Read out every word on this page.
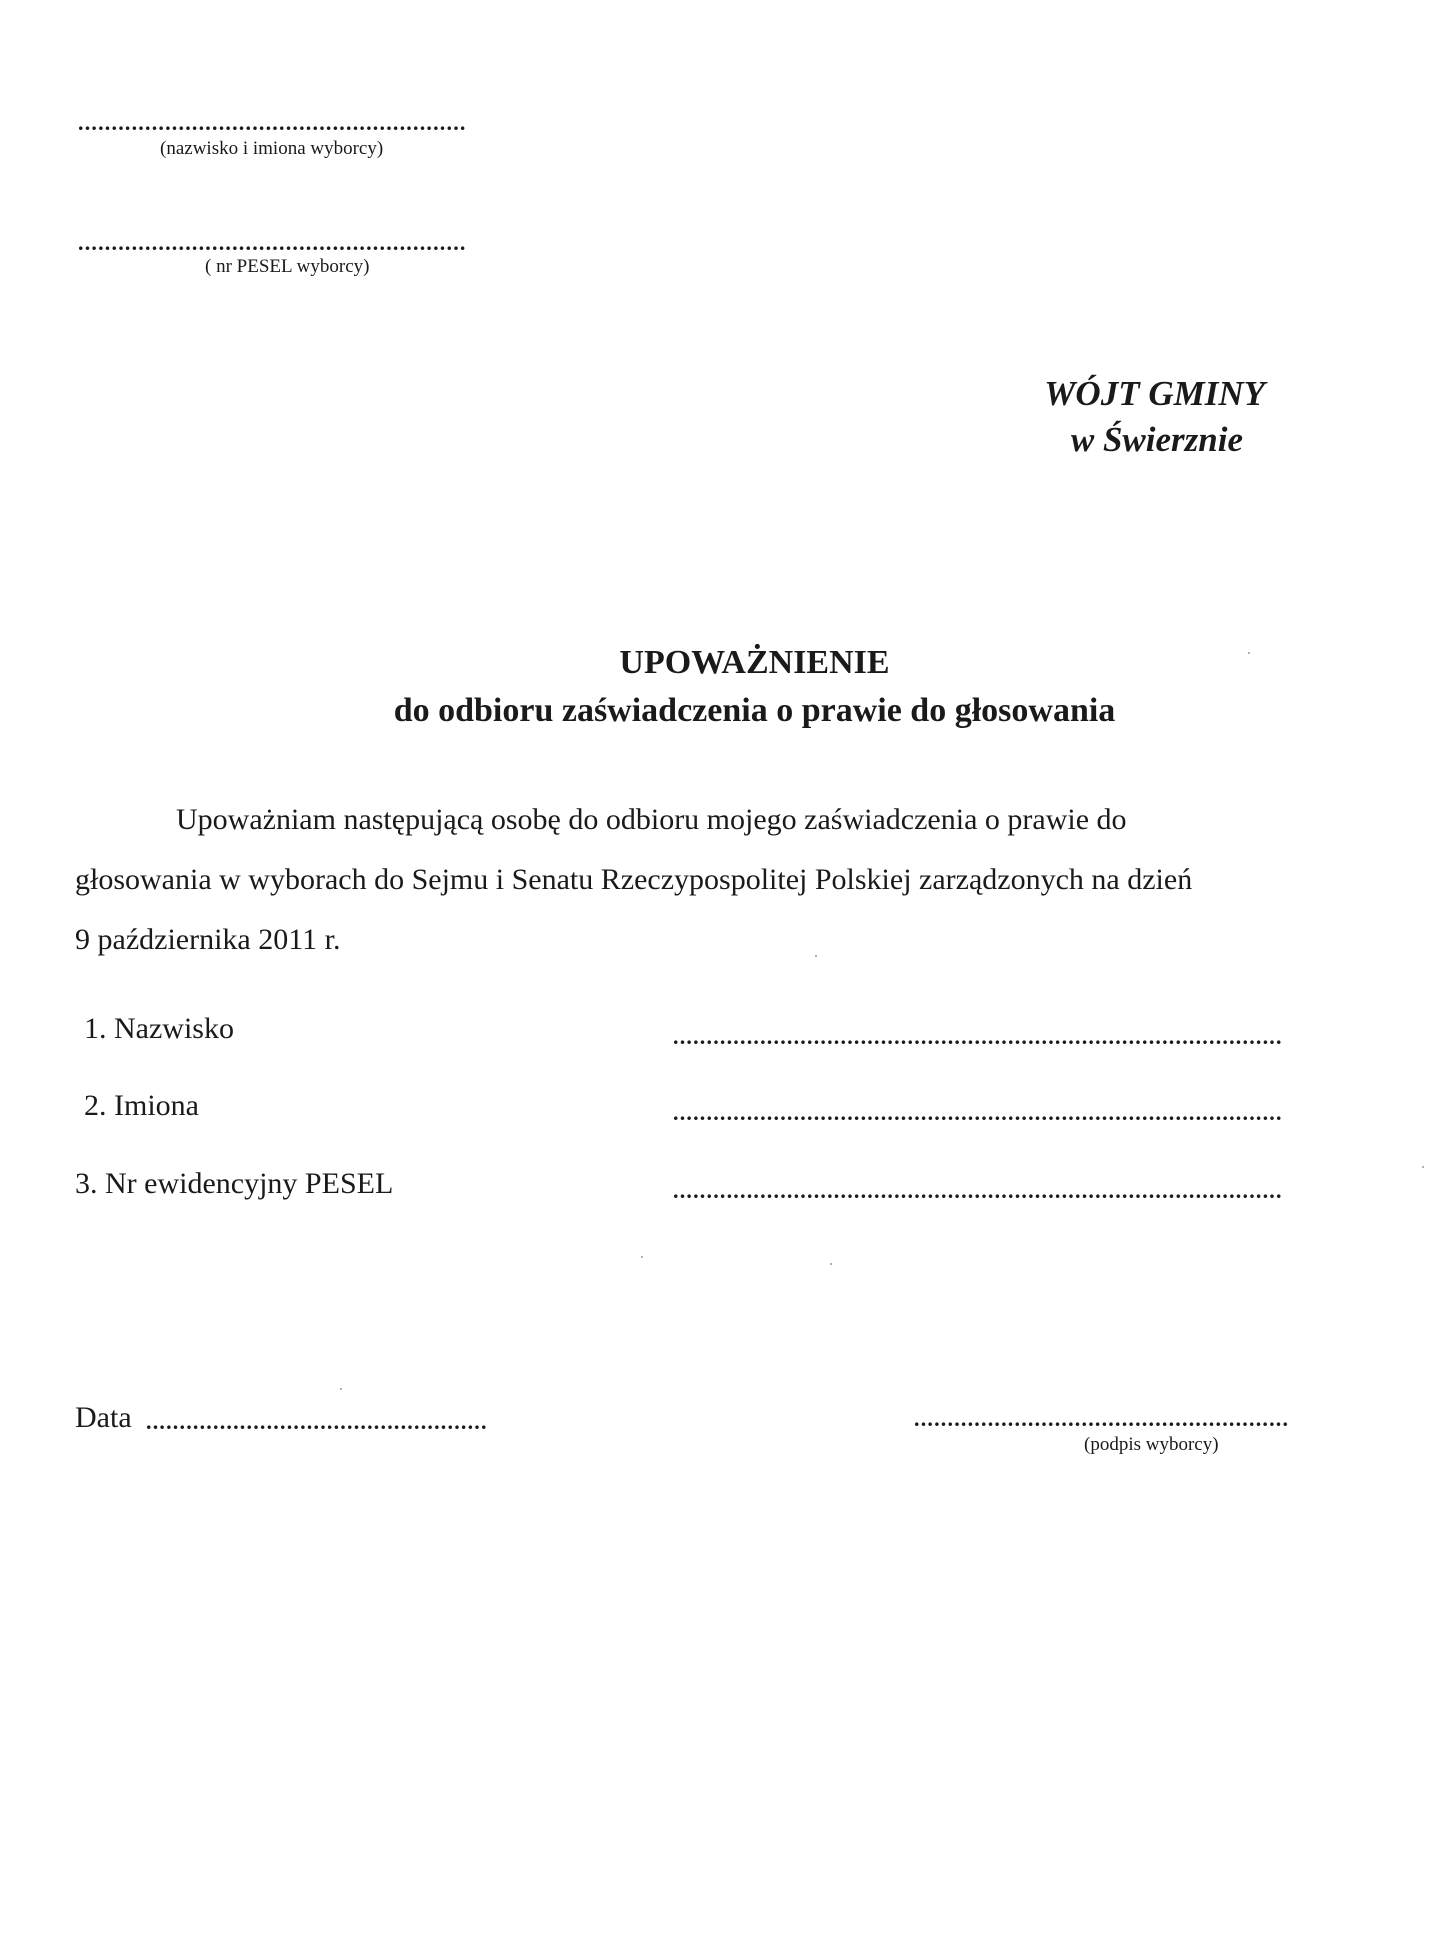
..........................................................
(nazwisko i imiona wyborcy)
..........................................................
( nr PESEL wyborcy)
WÓJT GMINY
w Świerznie
UPOWAŻNIENIE
do odbioru zaświadczenia o prawie do głosowania
Upoważniam następującą osobę do odbioru mojego zaświadczenia o prawie do
głosowania w wyborach do Sejmu i Senatu Rzeczypospolitej Polskiej zarządzonych na dzień
9 października 2011 r.
1. Nazwisko	...........................................................................................
2. Imiona	...........................................................................................
3. Nr ewidencyjny PESEL	...........................................................................................
Data ...................................................	........................................................
(podpis wyborcy)
